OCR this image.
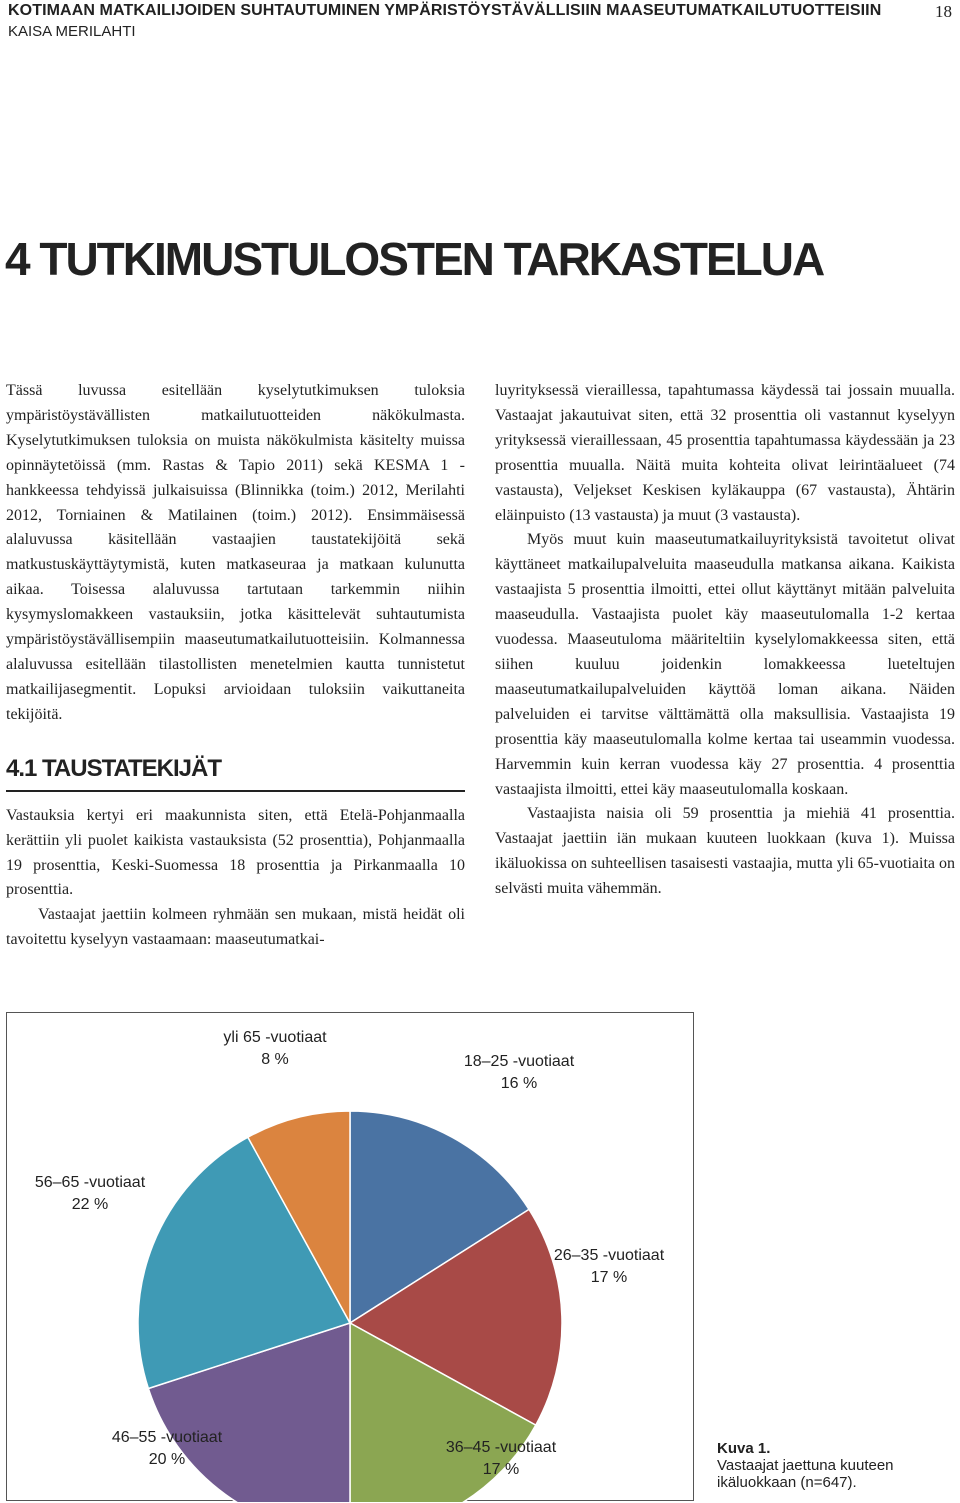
KOTIMAAN MATKAILIJOIDEN SUHTAUTUMINEN YMPÄRISTÖYSTÄVÄLLISIIN MAASEUTUMATKAILUTUOTTEISIIN
KAISA MERILAHTI
18
4 TUTKIMUSTULOSTEN TARKASTELUA

Tässä luvussa esitellään kyselytutkimuksen tuloksia ympäristöystävällisten matkailutuotteiden näkökulmasta. Kyselytutkimuksen tuloksia on muista näkökulmista käsitelty muissa opinnäytetöissä (mm. Rastas & Tapio 2011) sekä KESMA 1 -hankkeessa tehdyissä julkaisuissa (Blinnikka (toim.) 2012, Merilahti 2012, Torniainen & Matilainen (toim.) 2012). Ensimmäisessä alaluvussa käsitellään vastaajien taustatekijöitä sekä matkustuskäyttäytymistä, kuten matkaseuraa ja matkaan kulunutta aikaa. Toisessa alaluvussa tartutaan tarkemmin niihin kysymyslomakkeen vastauksiin, jotka käsittelevät suhtautumista ympäristöystävällisempiin maaseutumatkailutuotteisiin. Kolmannessa alaluvussa esitellään tilastollisten menetelmien kautta tunnistetut matkailijasegmentit. Lopuksi arvioidaan tuloksiin vaikuttaneita tekijöitä.

4.1 TAUSTATEKIJÄT

Vastauksia kertyi eri maakunnista siten, että Etelä-Pohjanmaalla kerättiin yli puolet kaikista vastauksista (52 prosenttia), Pohjanmaalla 19 prosenttia, Keski-Suomessa 18 prosenttia ja Pirkanmaalla 10 prosenttia.

Vastaajat jaettiin kolmeen ryhmään sen mukaan, mistä heidät oli tavoitettu kyselyyn vastaamaan: maaseutumatkai-

luyrityksessä vieraillessa, tapahtumassa käydessä tai jossain muualla. Vastaajat jakautuivat siten, että 32 prosenttia oli vastannut kyselyyn yrityksessä vieraillessaan, 45 prosenttia tapahtumassa käydessään ja 23 prosenttia muualla. Näitä muita kohteita olivat leirintäalueet (74 vastausta), Veljekset Keskisen kyläkauppa (67 vastausta), Ähtärin eläinpuisto (13 vastausta) ja muut (3 vastausta).

Myös muut kuin maaseutumatkailuyrityksistä tavoitetut olivat käyttäneet matkailupalveluita maaseudulla matkansa aikana. Kaikista vastaajista 5 prosenttia ilmoitti, ettei ollut käyttänyt mitään palveluita maaseudulla. Vastaajista puolet käy maaseutulomalla 1-2 kertaa vuodessa. Maaseutuloma määriteltiin kyselylomakkeessa siten, että siihen kuuluu joidenkin lomakkeessa lueteltujen maaseutumatkailupalveluiden käyttöä loman aikana. Näiden palveluiden ei tarvitse välttämättä olla maksullisia. Vastaajista 19 prosenttia käy maaseutulomalla kolme kertaa tai useammin vuodessa. Harvemmin kuin kerran vuodessa käy 27 prosenttia. 4 prosenttia vastaajista ilmoitti, ettei käy maaseutulomalla koskaan.

Vastaajista naisia oli 59 prosenttia ja miehiä 41 prosenttia. Vastaajat jaettiin iän mukaan kuuteen luokkaan (kuva 1). Muissa ikäluokissa on suhteellisen tasaisesti vastaajia, mutta yli 65-vuotiaita on selvästi muita vähemmän.

yli 65 -vuotiaat
8 %	18–25 -vuotiaat
16 %
56–65 -vuotiaat
22 %
26–35 -vuotiaat
17 %
46–55 -vuotiaat
20 %
36–45 -vuotiaat
17 %
Kuva 1.
Vastaajat jaettuna kuuteen ikäluokkaan (n=647).
